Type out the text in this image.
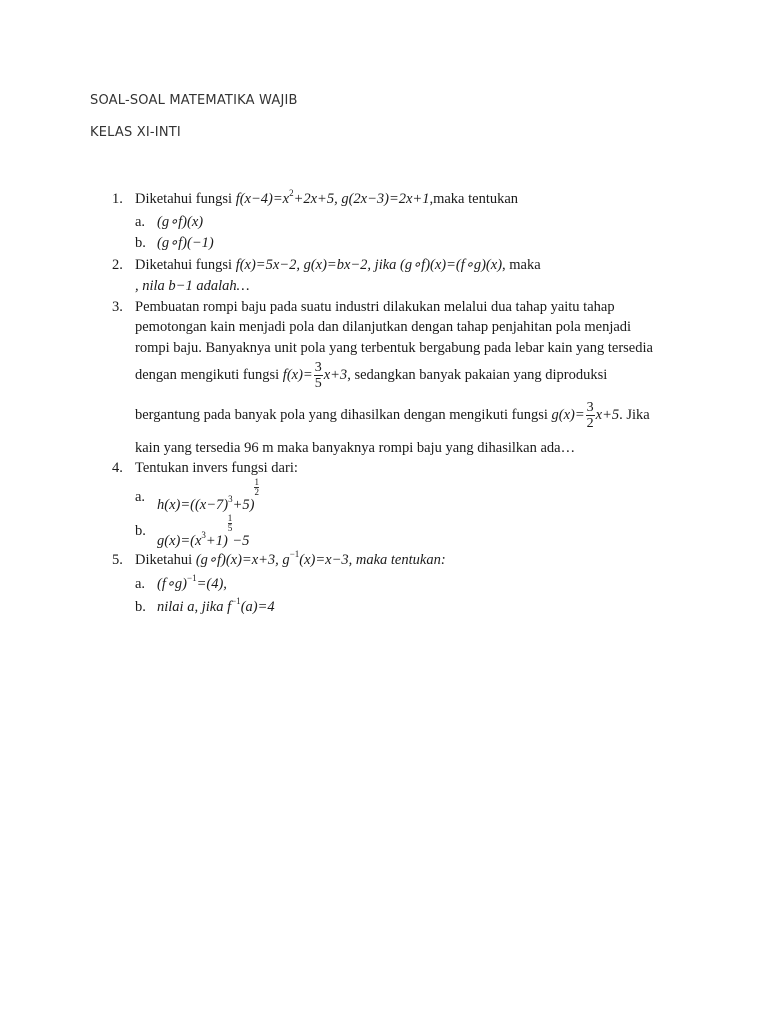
SOAL-SOAL MATEMATIKA WAJIB
KELAS XI-INTI
1. Diketahui fungsi $f(x-4)=x^2+2x+5$, g(2x−3)=2x+1,maka tentukan
a. (g∘f)(x)
b. (g∘f)(−1)
2. Diketahui fungsi f(x)=5x−2, g(x)=bx−2, jika (g∘f)(x)=(f∘g)(x), maka
, nila b−1 adalah…
3. Pembuatan rompi baju pada suatu industri dilakukan melalui dua tahap yaitu tahap
pemotongan kain menjadi pola dan dilanjutkan dengan tahap penjahitan pola menjadi
rompi baju. Banyaknya unit pola yang terbentuk bergabung pada lebar kain yang tersedia
dengan mengikuti fungsi $f(x)= \frac{3}{5} x+3$, sedangkan banyak pakaian yang diproduksi
bergantung pada banyak pola yang dihasilkan dengan mengikuti fungsi $g(x)= \frac{3}{2} x+5$. Jika
kain yang tersedia 96 m maka banyaknya rompi baju yang dihasilkan ada…
4. Tentukan invers fungsi dari:
a. $h(x)=((x-7)^3+5)$
$\frac{1}{2}$
b.
$g(x)=(x^3+1)$
$\frac{1}{5}$
−5
5. Diketahui (g∘f)(x)=x+3, $g^{-1}(x)=x-3$, maka tentukan:
a. (f∘g)$^{-1}$=(4),
b. nilai a, jika $f^{-1}(a)=4$
